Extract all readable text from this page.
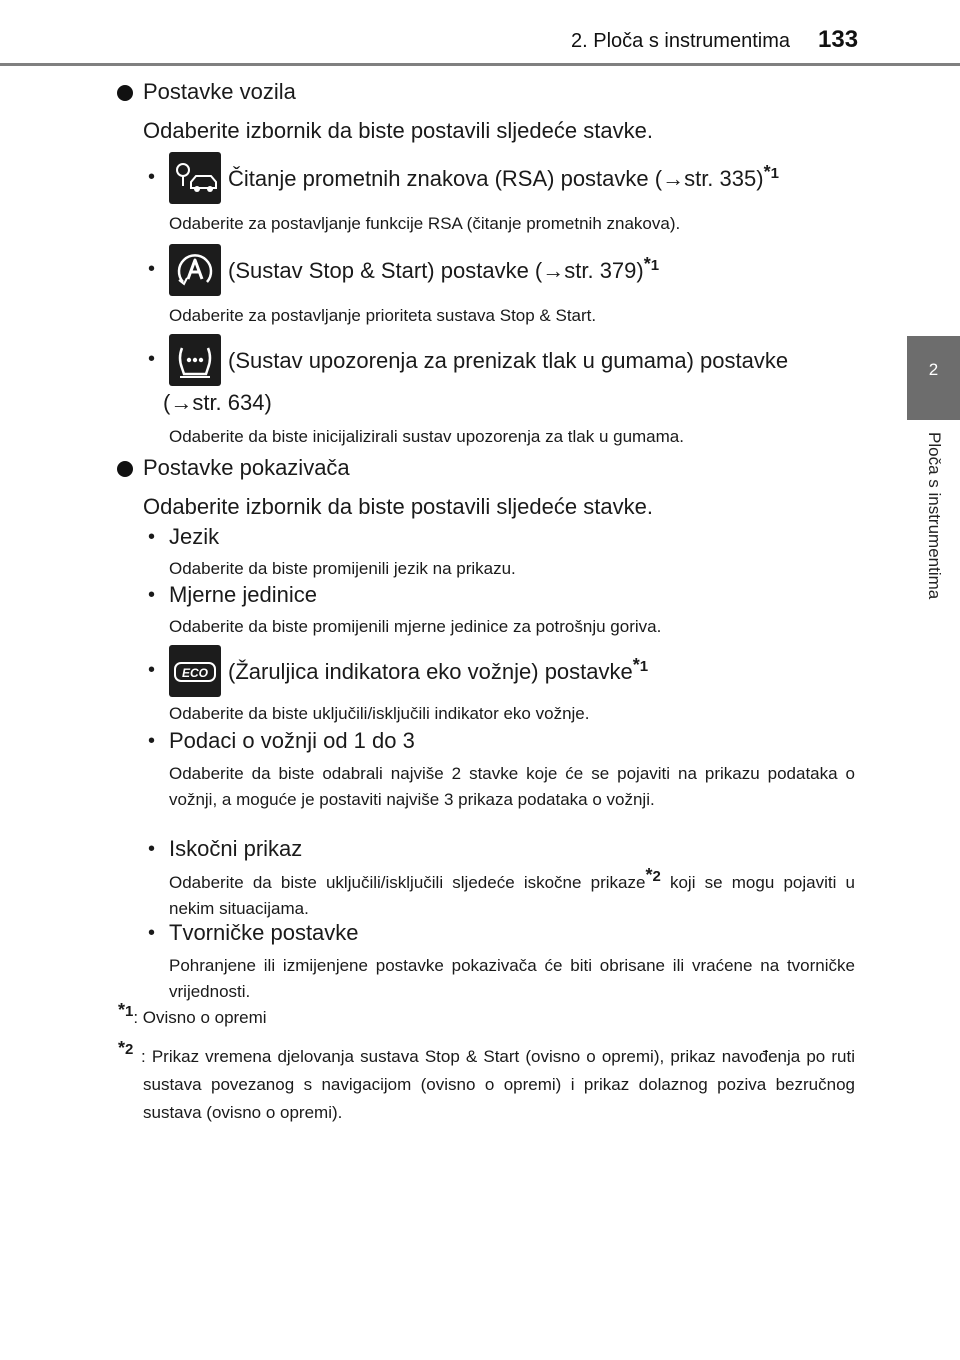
2. Ploča s instrumentima 133
2
Ploča s instrumentima
Postavke vozila
Odaberite izbornik da biste postavili sljedeće stavke.
•	Čitanje prometnih znakova (RSA) postavke (→str. 335)$^{*1}$
Odaberite za postavljanje funkcije RSA (čitanje prometnih znakova).
•	(Sustav Stop & Start) postavke (→str. 379)$^{*1}$
Odaberite za postavljanje prioriteta sustava Stop & Start.
•	(Sustav upozorenja za prenizak tlak u gumama) postavke
(→str. 634)
Odaberite da biste inicijalizirali sustav upozorenja za tlak u gumama.
Postavke pokazivača
Odaberite izbornik da biste postavili sljedeće stavke.
• Jezik
Odaberite da biste promijenili jezik na prikazu.
• Mjerne jedinice
Odaberite da biste promijenili mjerne jedinice za potrošnju goriva.
• ECO (Žaruljica indikatora eko vožnje) postavke$^{*1}$
Odaberite da biste uključili/isključili indikator eko vožnje.
• Podaci o vožnji od 1 do 3
Odaberite da biste odabrali najviše 2 stavke koje će se pojaviti na prikazu podataka o vožnji, a moguće je postaviti najviše 3 prikaza podataka o vožnji.
• Iskočni prikaz
Odaberite da biste uključili/isključili sljedeće iskočne prikaze$^{*2}$ koji se mogu pojaviti u nekim situacijama.
• Tvorničke postavke
Pohranjene ili izmijenjene postavke pokazivača će biti obrisane ili vraćene na tvorničke vrijednosti.
$^{*1}$: Ovisno o opremi
$^{*2}$ : Prikaz vremena djelovanja sustava Stop & Start (ovisno o opremi), prikaz navođenja po ruti sustava povezanog s navigacijom (ovisno o opremi) i prikaz dolaznog poziva bezručnog sustava (ovisno o opremi).
